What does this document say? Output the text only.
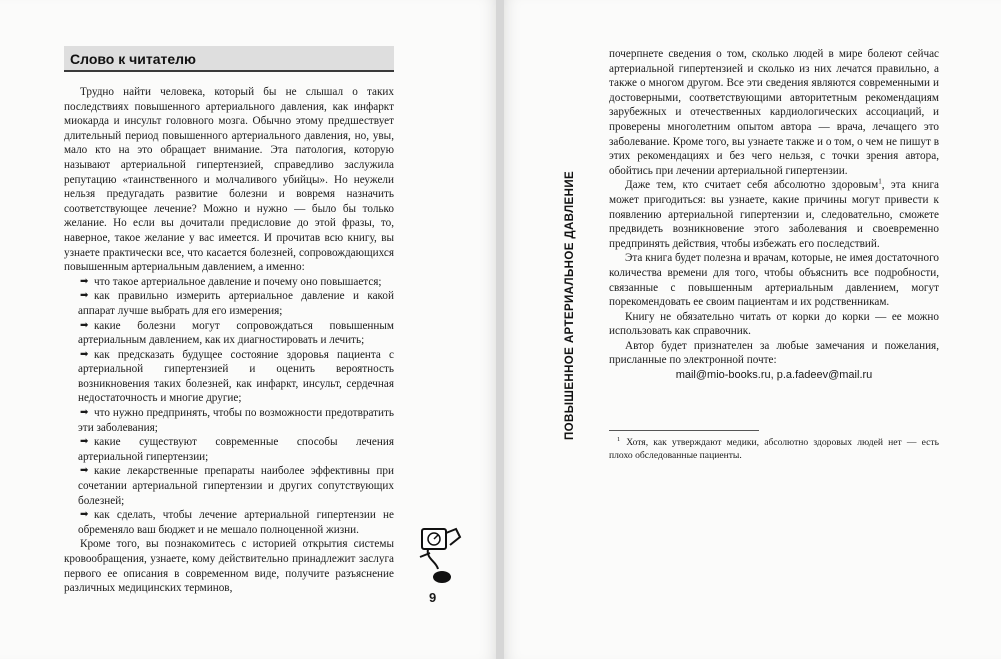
Слово к читателю

Трудно найти человека, который бы не слышал о таких последствиях повышенного артериального давления, как инфаркт миокарда и инсульт головного мозга. Обычно этому предшествует длительный период повышенного артериального давления, но, увы, мало кто на это обращает внимание. Эта патология, которую называют артериальной гипертензией, справедливо заслужила репутацию «таинственного и молчаливого убийцы». Но неужели нельзя предугадать развитие болезни и вовремя назначить соответствующее лечение? Можно и нужно — было бы только желание. Но если вы дочитали предисловие до этой фразы, то, наверное, такое желание у вас имеется. И прочитав всю книгу, вы узнаете практически все, что касается болезней, сопровождающихся повышенным артериальным давлением, а именно:

➡ что такое артериальное давление и почему оно повышается;

➡ как правильно измерить артериальное давление и какой аппарат лучше выбрать для его измерения;

➡ какие болезни могут сопровождаться повышенным артериальным давлением, как их диагностировать и лечить;

➡ как предсказать будущее состояние здоровья пациента с артериальной гипертензией и оценить вероятность возникновения таких болезней, как инфаркт, инсульт, сердечная недостаточность и многие другие;

➡ что нужно предпринять, чтобы по возможности предотвратить эти заболевания;

➡ какие существуют современные способы лечения артериальной гипертензии;

➡ какие лекарственные препараты наиболее эффективны при сочетании артериальной гипертензии и других сопутствующих болезней;

➡ как сделать, чтобы лечение артериальной гипертензии не обременяло ваш бюджет и не мешало полноценной жизни.

Кроме того, вы познакомитесь с историей открытия системы кровообращения, узнаете, кому действительно принадлежит заслуга первого ее описания в современном виде, получите разъяснение различных медицинских терминов,

9
ПОВЫШЕННОЕ АРТЕРИАЛЬНОЕ ДАВЛЕНИЕ

почерпнете сведения о том, сколько людей в мире болеют сейчас артериальной гипертензией и сколько из них лечатся правильно, а также о многом другом. Все эти сведения являются современными и достоверными, соответствующими авторитетным рекомендациям зарубежных и отечественных кардиологических ассоциаций, и проверены многолетним опытом автора — врача, лечащего это заболевание. Кроме того, вы узнаете также и о том, о чем не пишут в этих рекомендациях и без чего нельзя, с точки зрения автора, обойтись при лечении артериальной гипертензии.

Даже тем, кто считает себя абсолютно здоровым$^1$, эта книга может пригодиться: вы узнаете, какие причины могут привести к появлению артериальной гипертензии и, следовательно, сможете предвидеть возникновение этого заболевания и своевременно предпринять действия, чтобы избежать его последствий.

Эта книга будет полезна и врачам, которые, не имея достаточного количества времени для того, чтобы объяснить все подробности, связанные с повышенным артериальным давлением, могут порекомендовать ее своим пациентам и их родственникам.

Книгу не обязательно читать от корки до корки — ее можно использовать как справочник.

Автор будет признателен за любые замечания и пожелания, присланные по электронной почте:

mail@mio-books.ru, p.a.fadeev@mail.ru

$^1$ Хотя, как утверждают медики, абсолютно здоровых людей нет — есть плохо обследованные пациенты.
